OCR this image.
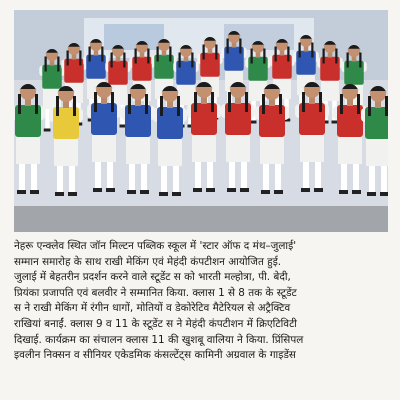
नेहरू एन्क्लेव स्थित जॉन मिल्टन पब्लिक स्कूल में 'स्टार ऑफ द मंथ–जुलाई'
सम्मान समारोह के साथ राखी मेकिंग एवं मेहंदी कंपटीशन आयोजित हुई.
जुलाई में बेहतरीन प्रदर्शन करने वाले स्टूडेंट स को भारती मल्होत्रा, पी. बेदी,
प्रियंका प्रजापति एवं बलवीर ने सम्मानित किया. क्लास 1 से 8 तक के स्टूडेंट
स ने राखी मेकिंग में रंगीन धागों, मोतियों व डेकोरेटिव मैटेरियल से अट्रैक्टिव
राखियां बनाईं. क्लास 9 व 11 के स्टूडेंट स ने मेहंदी कंपटीशन में क्रिएटिविटी
दिखाई. कार्यक्रम का संचालन क्लास 11 की खुशबू वालिया ने किया. प्रिंसिपल
इवलीन निक्सन व सीनियर एकेडमिक कंसल्टेंट्स कामिनी अग्रवाल के गाइडेंस
